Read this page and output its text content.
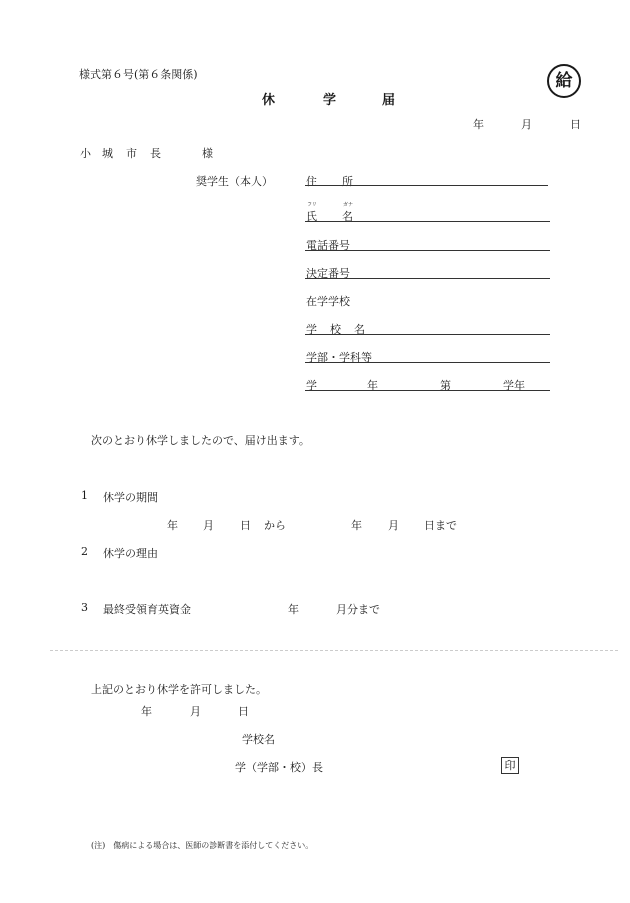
様式第６号(第６条関係)	給
休	学	届
年	月	日
小 城 市 長	様
奨学生（本人）	住 所
フリ	ガナ
氏 名
電話番号
決定番号
在学学校
学 校 名
学部・学科等
学	年	第	学年
次のとおり休学しましたので、届け出ます。
1 休学の期間
年 月 日 から	年 月 日まで
2 休学の理由
3 最終受領育英資金	年	月分まで
上記のとおり休学を許可しました。
年	月	日
学校名
学（学部・校）長	印
(注)　傷病による場合は、医師の診断書を添付してください。
